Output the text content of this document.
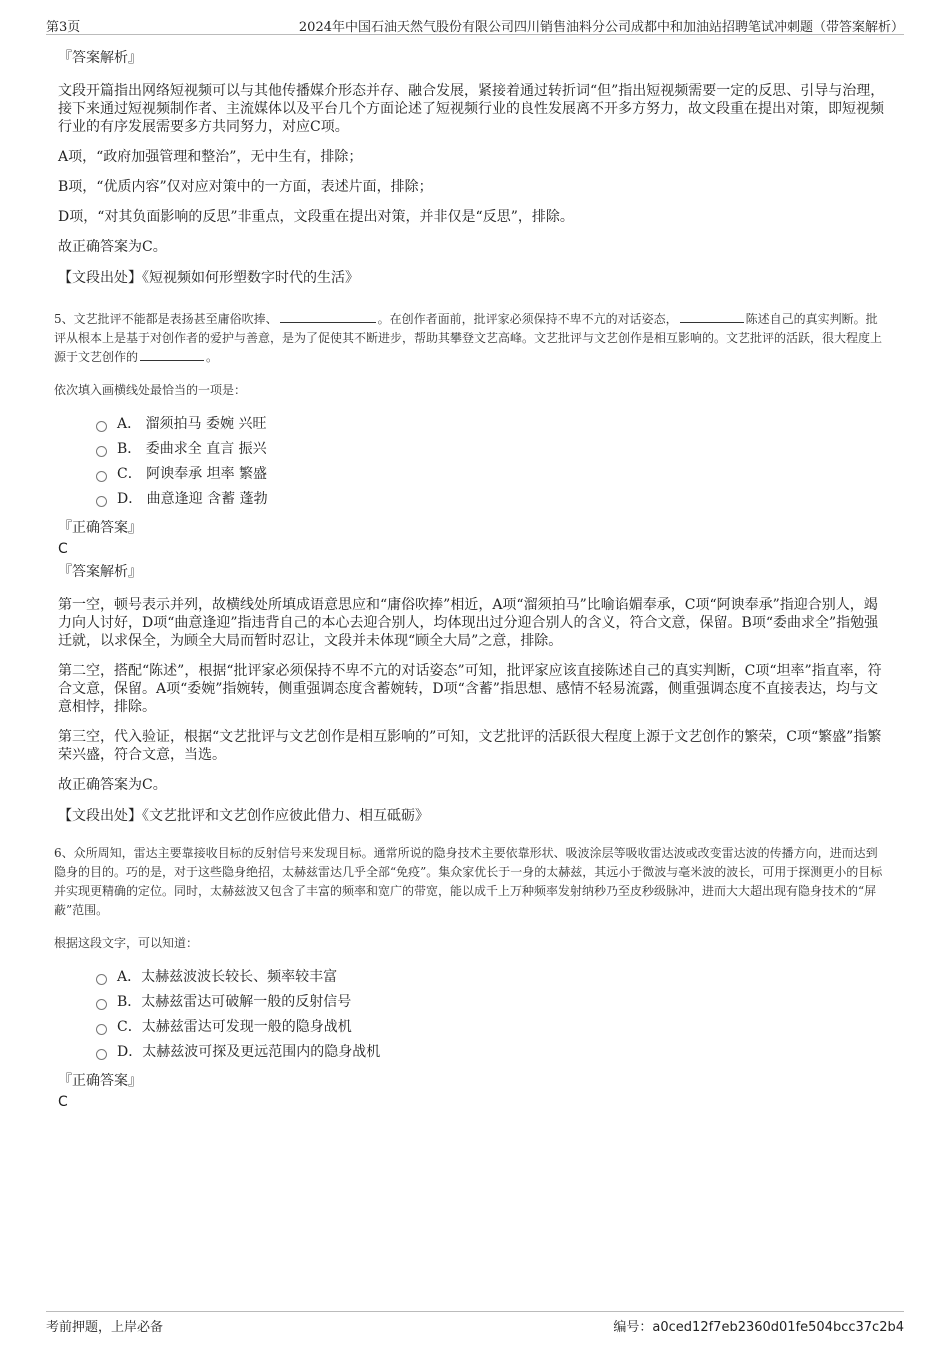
第3页	2024年中国石油天然气股份有限公司四川销售油料分公司成都中和加油站招聘笔试冲刺题（带答案解析）
『答案解析』

文段开篇指出网络短视频可以与其他传播媒介形态并存、融合发展，紧接着通过转折词“但”指出短视频需要一定的反思、引导与治理，接下来通过短视频制作者、主流媒体以及平台几个方面论述了短视频行业的良性发展离不开多方努力，故文段重在提出对策，即短视频行业的有序发展需要多方共同努力，对应C项。

A项，“政府加强管理和整治”，无中生有，排除；

B项，“优质内容”仅对应对策中的一方面，表述片面，排除；

D项，“对其负面影响的反思”非重点，文段重在提出对策，并非仅是“反思”，排除。

故正确答案为C。

【文段出处】《短视频如何形塑数字时代的生活》

5、文艺批评不能都是表扬甚至庸俗吹捧、	。在创作者面前，批评家必须保持不卑不亢的对话姿态，	陈述自己的真实判断。批评从根本上是基于对创作者的爱护与善意，是为了促使其不断进步，帮助其攀登文艺高峰。文艺批评与文艺创作是相互影响的。文艺批评的活跃，很大程度上源于文艺创作的	。

依次填入画横线处最恰当的一项是：

A． 溜须拍马 委婉 兴旺
B． 委曲求全 直言 振兴
C． 阿谀奉承 坦率 繁盛
D． 曲意逢迎 含蓄 蓬勃
『正确答案』
C
『答案解析』

第一空，顿号表示并列，故横线处所填成语意思应和“庸俗吹捧”相近，A项“溜须拍马”比喻谄媚奉承，C项“阿谀奉承”指迎合别人，竭力向人讨好，D项“曲意逢迎”指违背自己的本心去迎合别人，均体现出过分迎合别人的含义，符合文意，保留。B项“委曲求全”指勉强迁就，以求保全，为顾全大局而暂时忍让，文段并未体现“顾全大局”之意，排除。

第二空，搭配“陈述”，根据“批评家必须保持不卑不亢的对话姿态”可知，批评家应该直接陈述自己的真实判断，C项“坦率”指直率，符合文意，保留。A项“委婉”指婉转，侧重强调态度含蓄婉转，D项“含蓄”指思想、感情不轻易流露，侧重强调态度不直接表达，均与文意相悖，排除。

第三空，代入验证，根据“文艺批评与文艺创作是相互影响的”可知，文艺批评的活跃很大程度上源于文艺创作的繁荣，C项“繁盛”指繁荣兴盛，符合文意，当选。

故正确答案为C。

【文段出处】《文艺批评和文艺创作应彼此借力、相互砥砺》

6、众所周知，雷达主要靠接收目标的反射信号来发现目标。通常所说的隐身技术主要依靠形状、吸波涂层等吸收雷达波或改变雷达波的传播方向，进而达到隐身的目的。巧的是，对于这些隐身绝招，太赫兹雷达几乎全部“免疫”。集众家优长于一身的太赫兹，其远小于微波与毫米波的波长，可用于探测更小的目标并实现更精确的定位。同时，太赫兹波又包含了丰富的频率和宽广的带宽，能以成千上万种频率发射纳秒乃至皮秒级脉冲，进而大大超出现有隐身技术的“屏蔽”范围。

根据这段文字，可以知道：

A．太赫兹波波长较长、频率较丰富
B．太赫兹雷达可破解一般的反射信号
C．太赫兹雷达可发现一般的隐身战机
D．太赫兹波可探及更远范围内的隐身战机
『正确答案』
C
考前押题，上岸必备	编号：a0ced12f7eb2360d01fe504bcc37c2b4
